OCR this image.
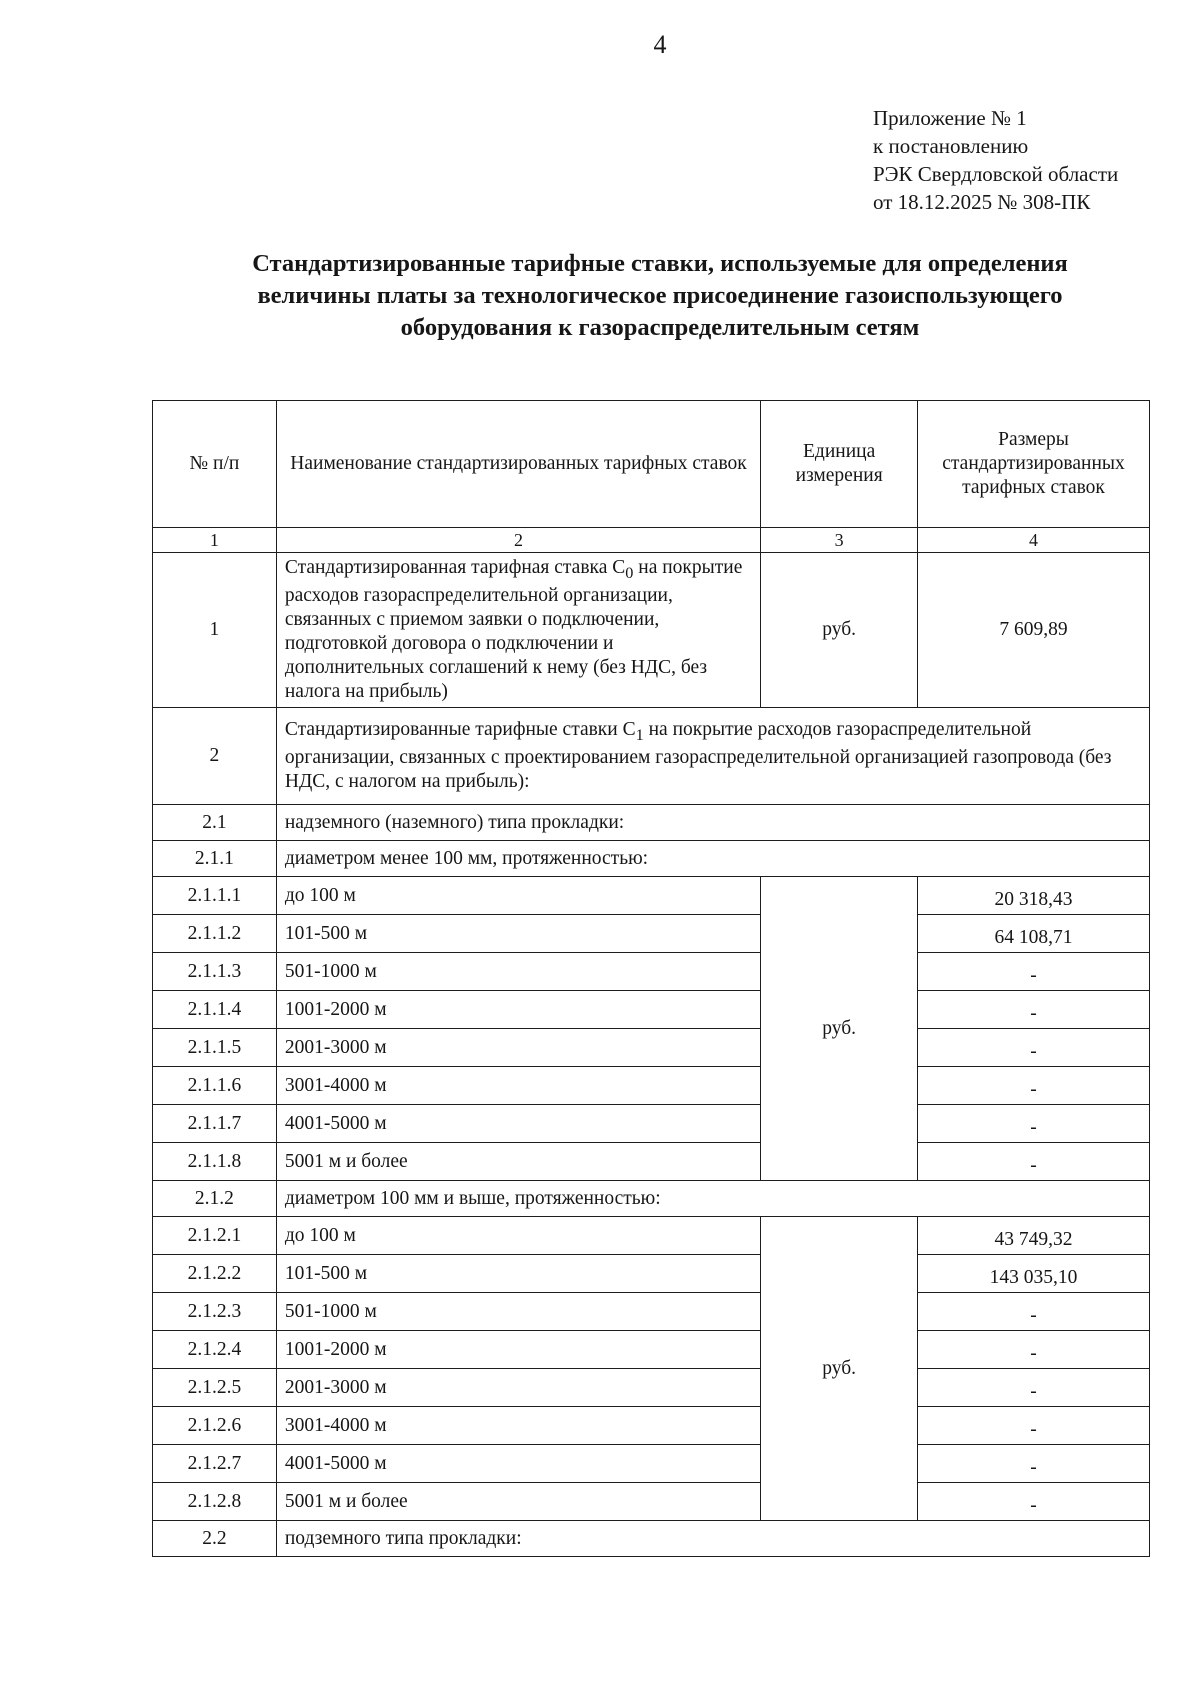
4
Приложение № 1
к постановлению
РЭК Свердловской области
от 18.12.2025 № 308-ПК
Стандартизированные тарифные ставки, используемые для определения
величины платы за технологическое присоединение газоиспользующего
оборудования к газораспределительным сетям
№ п/п	Наименование стандартизированных тарифных ставок	Единица измерения	Размеры стандартизированных тарифных ставок
1	2	3	4
1	Стандартизированная тарифная ставка $С_0$ на покрытие расходов газораспределительной организации, связанных с приемом заявки о подключении, подготовкой договора о подключении и дополнительных соглашений к нему (без НДС, без налога на прибыль)	руб.	7 609,89
2	Стандартизированные тарифные ставки $С_1$ на покрытие расходов газораспределительной организации, связанных с проектированием газораспределительной организацией газопровода (без НДС, с налогом на прибыль):		
2.1	надземного (наземного) типа прокладки:		
2.1.1	диаметром менее 100 мм, протяженностью:		
2.1.1.1	до 100 м	руб.	20 318,43
2.1.1.2	101-500 м		64 108,71
2.1.1.3	501-1000 м		-
2.1.1.4	1001-2000 м		-
2.1.1.5	2001-3000 м		-
2.1.1.6	3001-4000 м		-
2.1.1.7	4001-5000 м		-
2.1.1.8	5001 м и более		-
2.1.2	диаметром 100 мм и выше, протяженностью:		
2.1.2.1	до 100 м	руб.	43 749,32
2.1.2.2	101-500 м		143 035,10
2.1.2.3	501-1000 м		-
2.1.2.4	1001-2000 м		-
2.1.2.5	2001-3000 м		-
2.1.2.6	3001-4000 м		-
2.1.2.7	4001-5000 м		-
2.1.2.8	5001 м и более		-
2.2	подземного типа прокладки:		
